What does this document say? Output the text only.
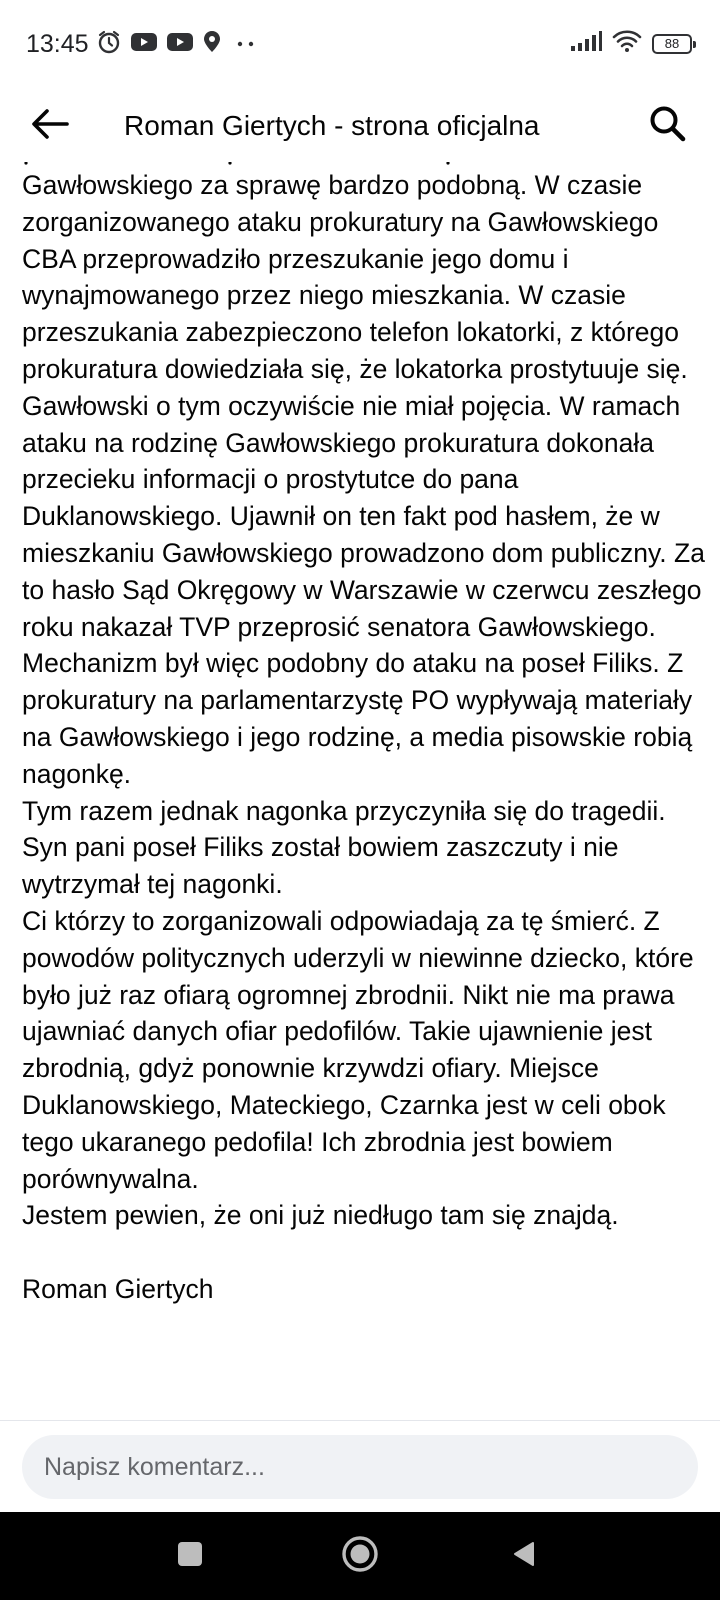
13:45	88
Roman Giertych - strona oficjalna

Gawłowskiego za sprawę bardzo podobną. W czasie zorganizowanego ataku prokuratury na Gawłowskiego CBA przeprowadziło przeszukanie jego domu i wynajmowanego przez niego mieszkania. W czasie przeszukania zabezpieczono telefon lokatorki, z którego prokuratura dowiedziała się, że lokatorka prostytuuje się. Gawłowski o tym oczywiście nie miał pojęcia. W ramach ataku na rodzinę Gawłowskiego prokuratura dokonała przecieku informacji o prostytutce do pana Duklanowskiego. Ujawnił on ten fakt pod hasłem, że w mieszkaniu Gawłowskiego prowadzono dom publiczny. Za to hasło Sąd Okręgowy w Warszawie w czerwcu zeszłego roku nakazał TVP przeprosić senatora Gawłowskiego. Mechanizm był więc podobny do ataku na poseł Filiks. Z prokuratury na parlamentarzystę PO wypływają materiały na Gawłowskiego i jego rodzinę, a media pisowskie robią nagonkę.
Tym razem jednak nagonka przyczyniła się do tragedii. Syn pani poseł Filiks został bowiem zaszczuty i nie wytrzymał tej nagonki.
Ci którzy to zorganizowali odpowiadają za tę śmierć. Z powodów politycznych uderzyli w niewinne dziecko, które było już raz ofiarą ogromnej zbrodnii. Nikt nie ma prawa ujawniać danych ofiar pedofilów. Takie ujawnienie jest zbrodnią, gdyż ponownie krzywdzi ofiary. Miejsce Duklanowskiego, Mateckiego, Czarnka jest w celi obok tego ukaranego pedofila! Ich zbrodnia jest bowiem porównywalna.
Jestem pewien, że oni już niedługo tam się znajdą.

Roman Giertych

Napisz komentarz...
